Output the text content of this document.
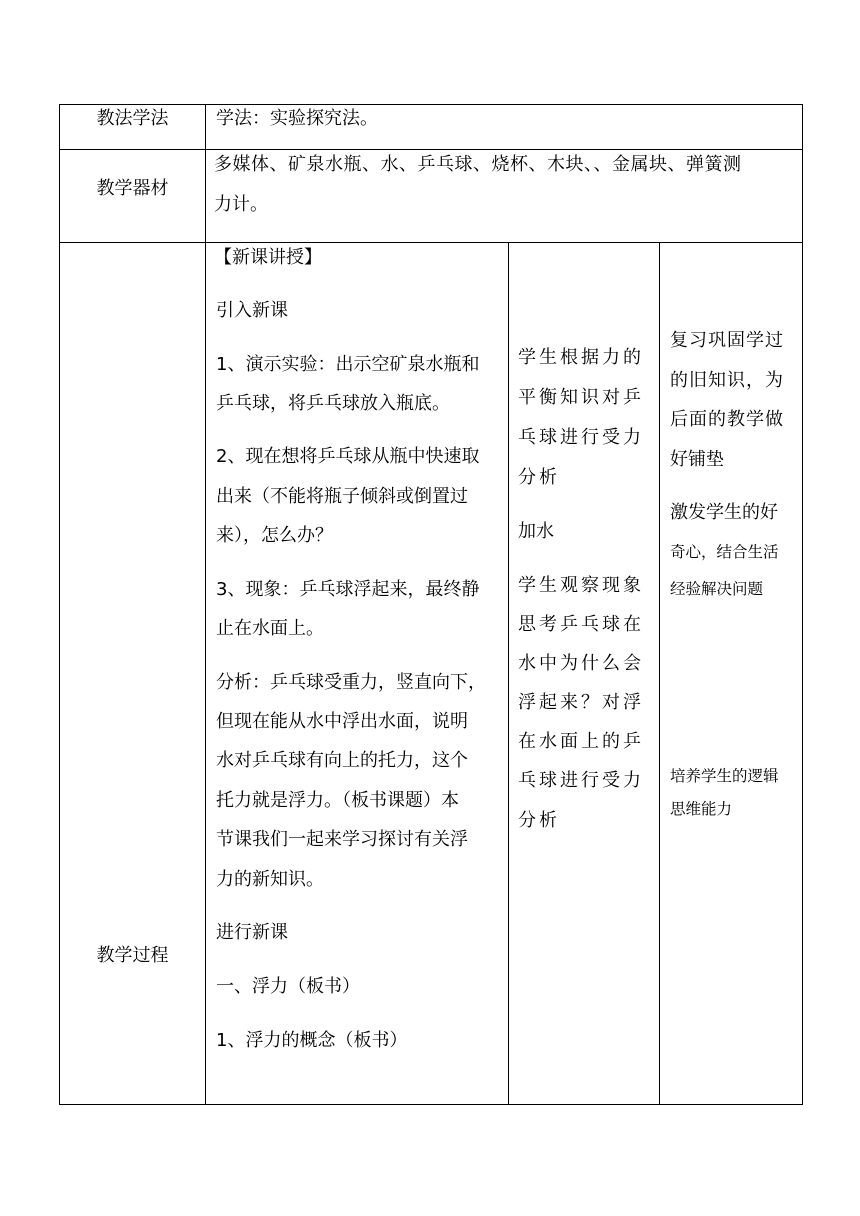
教法学法	学法：实验探究法。
教学器材
多媒体、矿泉水瓶、水、乒乓球、烧杯、木块、、金属块、弹簧测
力计。
教学过程
【新课讲授】
引入新课
1、演示实验：出示空矿泉水瓶和
乒乓球，将乒乓球放入瓶底。
2、现在想将乒乓球从瓶中快速取
出来（不能将瓶子倾斜或倒置过
来），怎么办？
3、现象：乒乓球浮起来，最终静
止在水面上。
分析：乒乓球受重力，竖直向下，
但现在能从水中浮出水面，说明
水对乒乓球有向上的托力，这个
托力就是浮力。（板书课题）本
节课我们一起来学习探讨有关浮
力的新知识。
进行新课
一、浮力（板书）
1、浮力的概念（板书）
学生根据力的
平衡知识对乒
乓球进行受力
分析
加水
学生观察现象
思考乒乓球在
水中为什么会
浮起来？对浮
在水面上的乒
乓球进行受力
分析
复习巩固学过
的旧知识，为
后面的教学做
好铺垫
激发学生的好
奇心，结合生活
经验解决问题
培养学生的逻辑
思维能力
